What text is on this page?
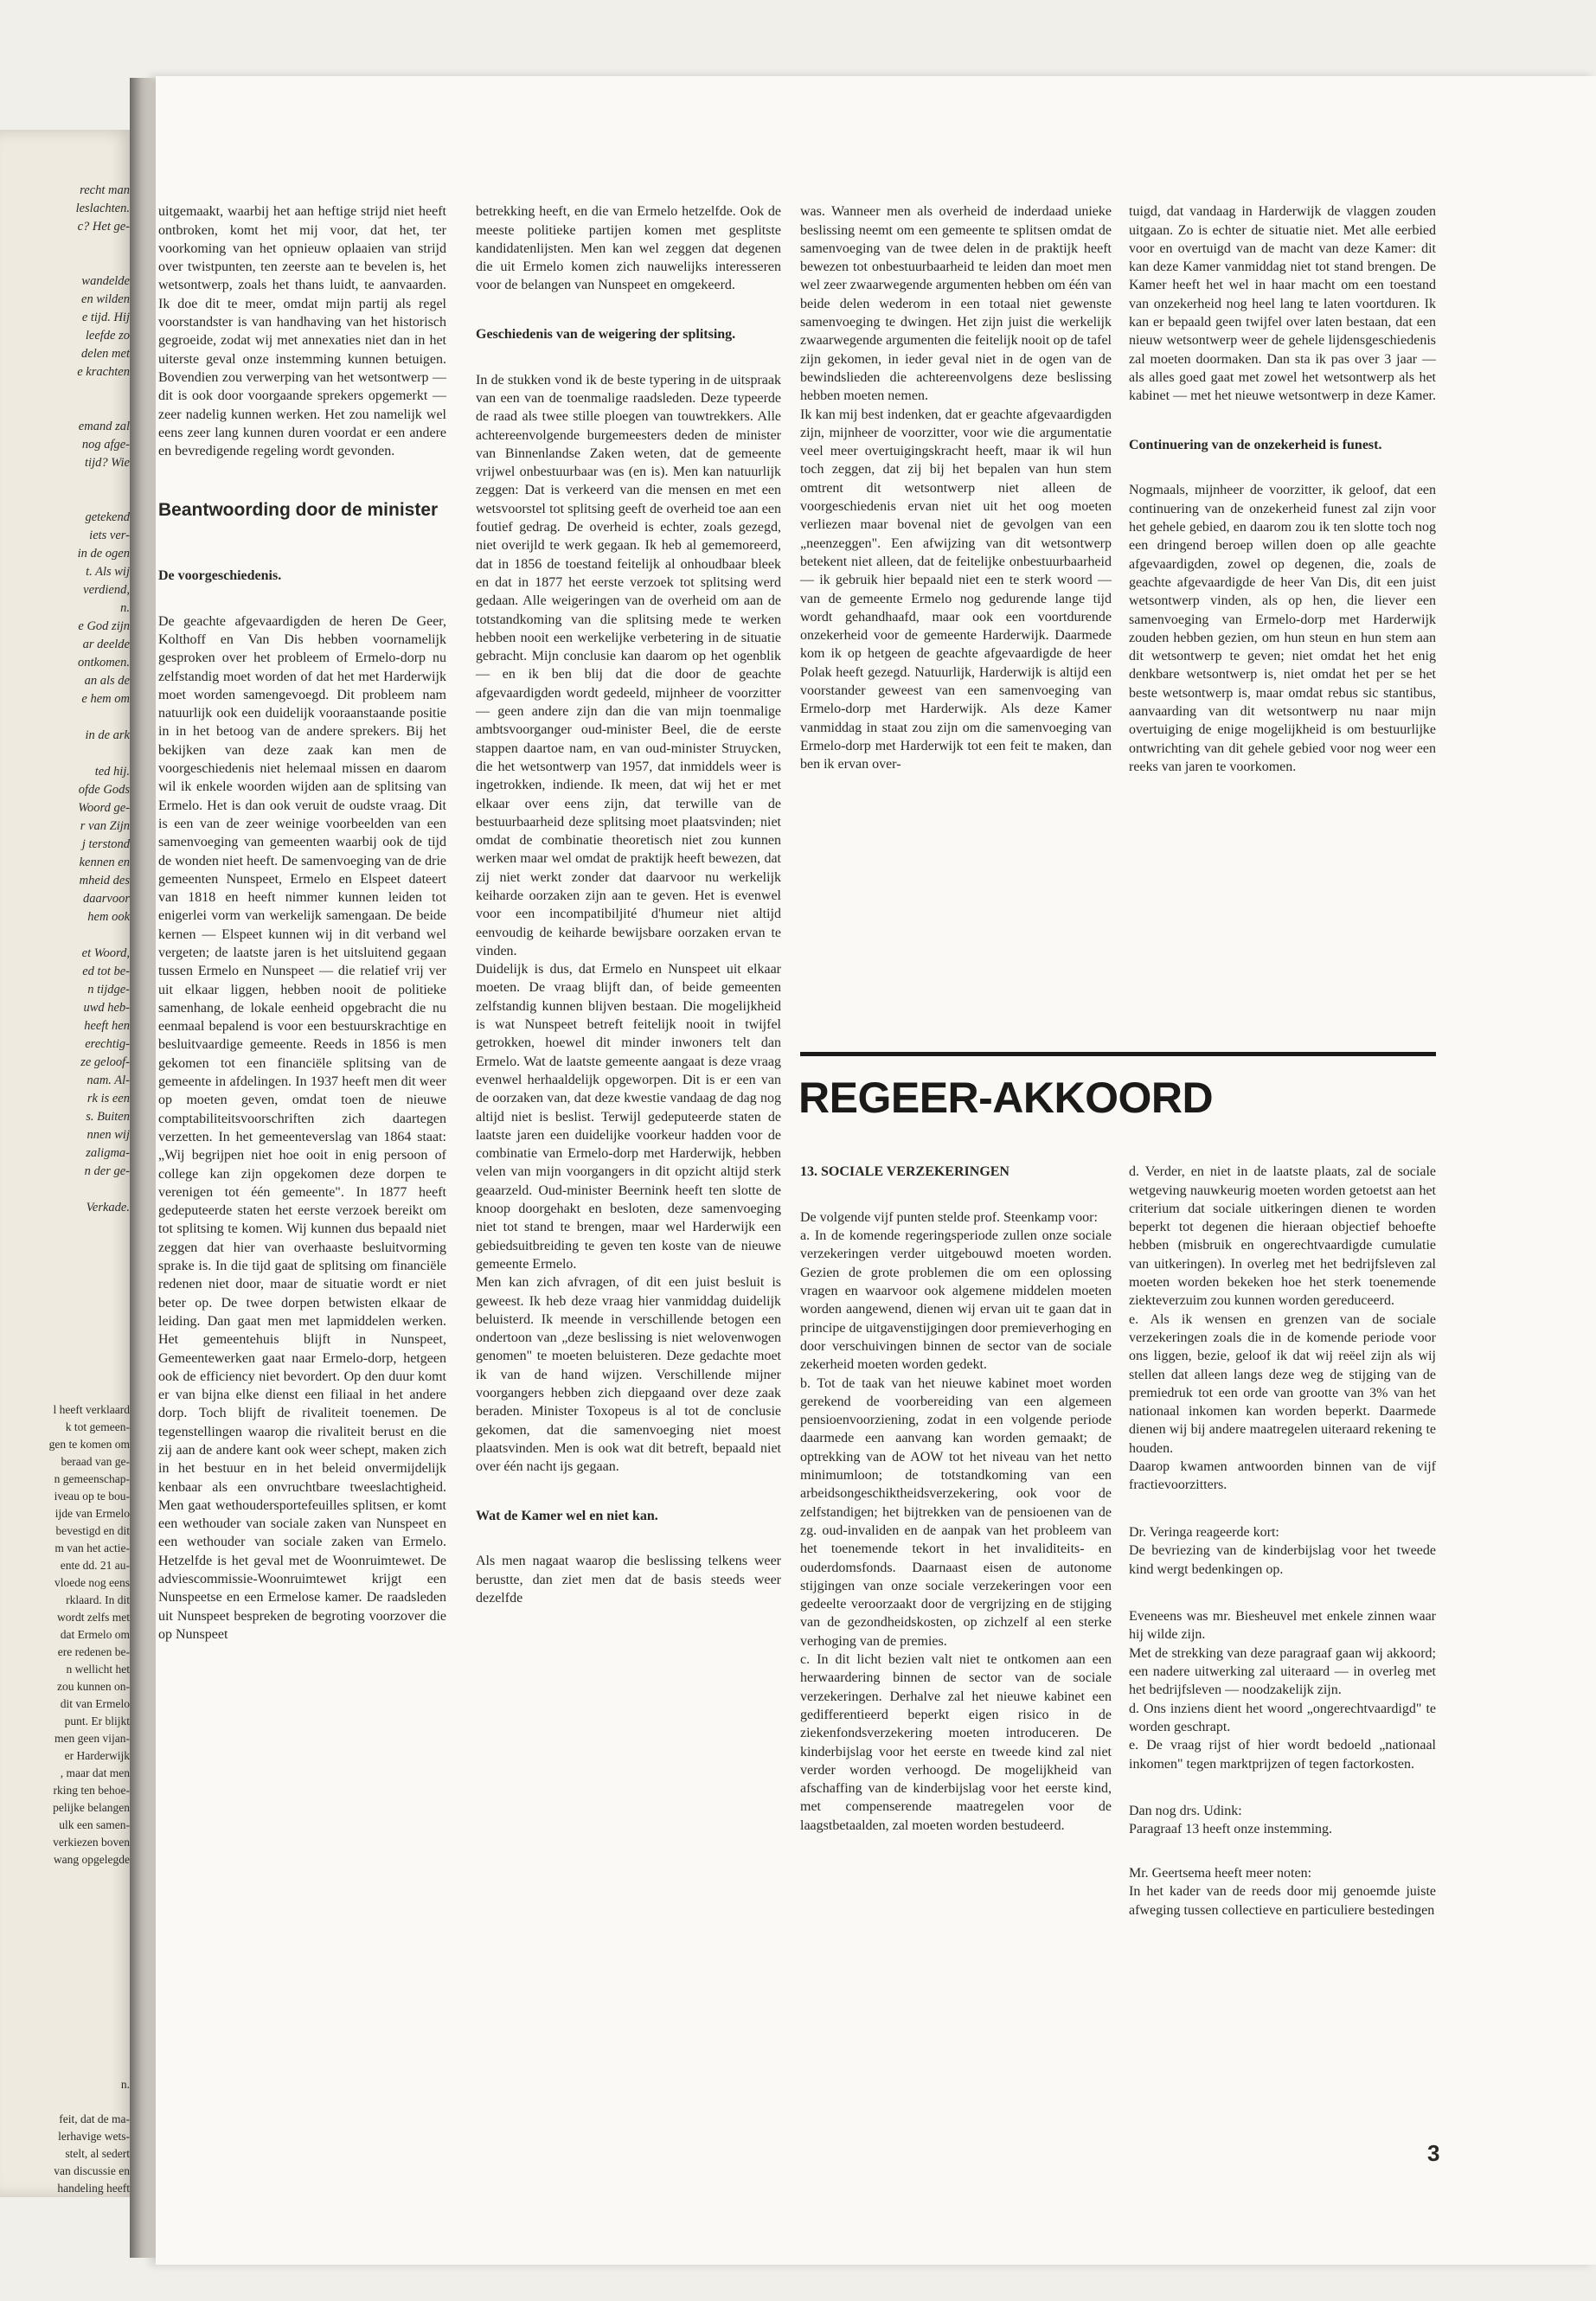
recht man
leslachten.
c? Het ge-

wandelde
en wilden
e tijd. Hij
leefde zo
delen met
e krachten

emand zal
nog afge-
tijd? Wie

getekend
iets ver-
in de ogen
t. Als wij
verdiend,
n.
e God zijn
ar deelde
ontkomen.
an als de
e hem om

in de ark

ted hij.
ofde Gods
Woord ge-
r van Zijn
j terstond
kennen en
mheid des
daarvoor
hem ook

et Woord,
ed tot be-
n tijdge-
uwd heb-
heeft hen
erechtig-
ze geloof-
nam. Al-
rk is een
s. Buiten
nnen wij
zaligma-
n der ge-

Verkade.
l heeft verklaard
k tot gemeen-
gen te komen om
beraad van ge-
n gemeenschap-
iveau op te bou-
ijde van Ermelo
bevestigd en dit
m van het actie-
ente dd. 21 au-
vloede nog eens
rklaard. In dit
wordt zelfs met
dat Ermelo om
ere redenen be-
n wellicht het
zou kunnen on-
dit van Ermelo
punt. Er blijkt
men geen vijan-
er Harderwijk
, maar dat men
rking ten behoe-
pelijke belangen
ulk een samen-
verkiezen boven
wang opgelegde
n.

feit, dat de ma-
lerhavige wets-
stelt, al sedert
van discussie en
handeling heeft

uitgemaakt, waarbij het aan heftige strijd niet heeft ontbroken, komt het mij voor, dat het, ter voorkoming van het opnieuw oplaaien van strijd over twistpunten, ten zeerste aan te bevelen is, het wetsontwerp, zoals het thans luidt, te aanvaarden. Ik doe dit te meer, omdat mijn partij als regel voorstandster is van handhaving van het historisch gegroeide, zodat wij met annexaties niet dan in het uiterste geval onze instemming kunnen betuigen. Bovendien zou verwerping van het wetsontwerp — dit is ook door voorgaande sprekers opgemerkt — zeer nadelig kunnen werken. Het zou namelijk wel eens zeer lang kunnen duren voordat er een andere en bevredigende regeling wordt gevonden.

Beantwoording door de minister

De voorgeschiedenis.

De geachte afgevaardigden de heren De Geer, Kolthoff en Van Dis hebben voornamelijk gesproken over het probleem of Ermelo-dorp nu zelfstandig moet worden of dat het met Harderwijk moet worden samengevoegd. Dit probleem nam natuurlijk ook een duidelijk vooraanstaande positie in in het betoog van de andere sprekers. Bij het bekijken van deze zaak kan men de voorgeschiedenis niet helemaal missen en daarom wil ik enkele woorden wijden aan de splitsing van Ermelo. Het is dan ook veruit de oudste vraag. Dit is een van de zeer weinige voorbeelden van een samenvoeging van gemeenten waarbij ook de tijd de wonden niet heeft. De samenvoeging van de drie gemeenten Nunspeet, Ermelo en Elspeet dateert van 1818 en heeft nimmer kunnen leiden tot enigerlei vorm van werkelijk samengaan. De beide kernen — Elspeet kunnen wij in dit verband wel vergeten; de laatste jaren is het uitsluitend gegaan tussen Ermelo en Nunspeet — die relatief vrij ver uit elkaar liggen, hebben nooit de politieke samenhang, de lokale eenheid opgebracht die nu eenmaal bepalend is voor een bestuurskrachtige en besluitvaardige gemeente. Reeds in 1856 is men gekomen tot een financiële splitsing van de gemeente in afdelingen. In 1937 heeft men dit weer op moeten geven, omdat toen de nieuwe comptabiliteitsvoorschriften zich daartegen verzetten. In het gemeenteverslag van 1864 staat: „Wij begrijpen niet hoe ooit in enig persoon of college kan zijn opgekomen deze dorpen te verenigen tot één gemeente". In 1877 heeft gedeputeerde staten het eerste verzoek bereikt om tot splitsing te komen. Wij kunnen dus bepaald niet zeggen dat hier van overhaaste besluitvorming sprake is. In die tijd gaat de splitsing om financiële redenen niet door, maar de situatie wordt er niet beter op. De twee dorpen betwisten elkaar de leiding. Dan gaat men met lapmiddelen werken. Het gemeentehuis blijft in Nunspeet, Gemeentewerken gaat naar Ermelo-dorp, hetgeen ook de efficiency niet bevordert. Op den duur komt er van bijna elke dienst een filiaal in het andere dorp. Toch blijft de rivaliteit toenemen. De tegenstellingen waarop die rivaliteit berust en die zij aan de andere kant ook weer schept, maken zich in het bestuur en in het beleid onvermijdelijk kenbaar als een onvruchtbare tweeslachtigheid. Men gaat wethoudersportefeuilles splitsen, er komt een wethouder van sociale zaken van Nunspeet en een wethouder van sociale zaken van Ermelo. Hetzelfde is het geval met de Woonruimtewet. De adviescommissie-Woonruimtewet krijgt een Nunspeetse en een Ermelose kamer. De raadsleden uit Nunspeet bespreken de begroting voorzover die op Nunspeet

betrekking heeft, en die van Ermelo hetzelfde. Ook de meeste politieke partijen komen met gesplitste kandidatenlijsten. Men kan wel zeggen dat degenen die uit Ermelo komen zich nauwelijks interesseren voor de belangen van Nunspeet en omgekeerd.

Geschiedenis van de weigering der splitsing.

In de stukken vond ik de beste typering in de uitspraak van een van de toenmalige raadsleden. Deze typeerde de raad als twee stille ploegen van touwtrekkers. Alle achtereenvolgende burgemeesters deden de minister van Binnenlandse Zaken weten, dat de gemeente vrijwel onbestuurbaar was (en is). Men kan natuurlijk zeggen: Dat is verkeerd van die mensen en met een wetsvoorstel tot splitsing geeft de overheid toe aan een foutief gedrag. De overheid is echter, zoals gezegd, niet overijld te werk gegaan. Ik heb al gememoreerd, dat in 1856 de toestand feitelijk al onhoudbaar bleek en dat in 1877 het eerste verzoek tot splitsing werd gedaan. Alle weigeringen van de overheid om aan de totstandkoming van die splitsing mede te werken hebben nooit een werkelijke verbetering in de situatie gebracht. Mijn conclusie kan daarom op het ogenblik — en ik ben blij dat die door de geachte afgevaardigden wordt gedeeld, mijnheer de voorzitter — geen andere zijn dan die van mijn toenmalige ambtsvoorganger oud-minister Beel, die de eerste stappen daartoe nam, en van oud-minister Struycken, die het wetsontwerp van 1957, dat inmiddels weer is ingetrokken, indiende. Ik meen, dat wij het er met elkaar over eens zijn, dat terwille van de bestuurbaarheid deze splitsing moet plaatsvinden; niet omdat de combinatie theoretisch niet zou kunnen werken maar wel omdat de praktijk heeft bewezen, dat zij niet werkt zonder dat daarvoor nu werkelijk keiharde oorzaken zijn aan te geven. Het is evenwel voor een incompatibiljité d'humeur niet altijd eenvoudig de keiharde bewijsbare oorzaken ervan te vinden.
Duidelijk is dus, dat Ermelo en Nunspeet uit elkaar moeten. De vraag blijft dan, of beide gemeenten zelfstandig kunnen blijven bestaan. Die mogelijkheid is wat Nunspeet betreft feitelijk nooit in twijfel getrokken, hoewel dit minder inwoners telt dan Ermelo. Wat de laatste gemeente aangaat is deze vraag evenwel herhaaldelijk opgeworpen. Dit is er een van de oorzaken van, dat deze kwestie vandaag de dag nog altijd niet is beslist. Terwijl gedeputeerde staten de laatste jaren een duidelijke voorkeur hadden voor de combinatie van Ermelo-dorp met Harderwijk, hebben velen van mijn voorgangers in dit opzicht altijd sterk geaarzeld. Oud-minister Beernink heeft ten slotte de knoop doorgehakt en besloten, deze samenvoeging niet tot stand te brengen, maar wel Harderwijk een gebiedsuitbreiding te geven ten koste van de nieuwe gemeente Ermelo.
Men kan zich afvragen, of dit een juist besluit is geweest. Ik heb deze vraag hier vanmiddag duidelijk beluisterd. Ik meende in verschillende betogen een ondertoon van „deze beslissing is niet welovenwogen genomen" te moeten beluisteren. Deze gedachte moet ik van de hand wijzen. Verschillende mijner voorgangers hebben zich diepgaand over deze zaak beraden. Minister Toxopeus is al tot de conclusie gekomen, dat die samenvoeging niet moest plaatsvinden. Men is ook wat dit betreft, bepaald niet over één nacht ijs gegaan.

Wat de Kamer wel en niet kan.

Als men nagaat waarop die beslissing telkens weer berustte, dan ziet men dat de basis steeds weer dezelfde

was. Wanneer men als overheid de inderdaad unieke beslissing neemt om een gemeente te splitsen omdat de samenvoeging van de twee delen in de praktijk heeft bewezen tot onbestuurbaarheid te leiden dan moet men wel zeer zwaarwegende argumenten hebben om één van beide delen wederom in een totaal niet gewenste samenvoeging te dwingen. Het zijn juist die werkelijk zwaarwegende argumenten die feitelijk nooit op de tafel zijn gekomen, in ieder geval niet in de ogen van de bewindslieden die achtereenvolgens deze beslissing hebben moeten nemen.
Ik kan mij best indenken, dat er geachte afgevaardigden zijn, mijnheer de voorzitter, voor wie die argumentatie veel meer overtuigingskracht heeft, maar ik wil hun toch zeggen, dat zij bij het bepalen van hun stem omtrent dit wetsontwerp niet alleen de voorgeschiedenis ervan niet uit het oog moeten verliezen maar bovenal niet de gevolgen van een „neenzeggen". Een afwijzing van dit wetsontwerp betekent niet alleen, dat de feitelijke onbestuurbaarheid — ik gebruik hier bepaald niet een te sterk woord — van de gemeente Ermelo nog gedurende lange tijd wordt gehandhaafd, maar ook een voortdurende onzekerheid voor de gemeente Harderwijk. Daarmede kom ik op hetgeen de geachte afgevaardigde de heer Polak heeft gezegd. Natuurlijk, Harderwijk is altijd een voorstander geweest van een samenvoeging van Ermelo-dorp met Harderwijk. Als deze Kamer vanmiddag in staat zou zijn om die samenvoeging van Ermelo-dorp met Harderwijk tot een feit te maken, dan ben ik ervan over-

tuigd, dat vandaag in Harderwijk de vlaggen zouden uitgaan. Zo is echter de situatie niet. Met alle eerbied voor en overtuigd van de macht van deze Kamer: dit kan deze Kamer vanmiddag niet tot stand brengen. De Kamer heeft het wel in haar macht om een toestand van onzekerheid nog heel lang te laten voortduren. Ik kan er bepaald geen twijfel over laten bestaan, dat een nieuw wetsontwerp weer de gehele lijdensgeschiedenis zal moeten doormaken. Dan sta ik pas over 3 jaar — als alles goed gaat met zowel het wetsontwerp als het kabinet — met het nieuwe wetsontwerp in deze Kamer.

Continuering van de onzekerheid is funest.

Nogmaals, mijnheer de voorzitter, ik geloof, dat een continuering van de onzekerheid funest zal zijn voor het gehele gebied, en daarom zou ik ten slotte toch nog een dringend beroep willen doen op alle geachte afgevaardigden, zowel op degenen, die, zoals de geachte afgevaardigde de heer Van Dis, dit een juist wetsontwerp vinden, als op hen, die liever een samenvoeging van Ermelo-dorp met Harderwijk zouden hebben gezien, om hun steun en hun stem aan dit wetsontwerp te geven; niet omdat het het enig denkbare wetsontwerp is, niet omdat het per se het beste wetsontwerp is, maar omdat rebus sic stantibus, aanvaarding van dit wetsontwerp nu naar mijn overtuiging de enige mogelijkheid is om bestuurlijke ontwrichting van dit gehele gebied voor nog weer een reeks van jaren te voorkomen.

REGEER-AKKOORD

13. SOCIALE VERZEKERINGEN

De volgende vijf punten stelde prof. Steenkamp voor:
a. In de komende regeringsperiode zullen onze sociale verzekeringen verder uitgebouwd moeten worden. Gezien de grote problemen die om een oplossing vragen en waarvoor ook algemene middelen moeten worden aangewend, dienen wij ervan uit te gaan dat in principe de uitgavenstijgingen door premieverhoging en door verschuivingen binnen de sector van de sociale zekerheid moeten worden gedekt.
b. Tot de taak van het nieuwe kabinet moet worden gerekend de voorbereiding van een algemeen pensioenvoorziening, zodat in een volgende periode daarmede een aanvang kan worden gemaakt; de optrekking van de AOW tot het niveau van het netto minimumloon; de totstandkoming van een arbeidsongeschiktheidsverzekering, ook voor de zelfstandigen; het bijtrekken van de pensioenen van de zg. oud-invaliden en de aanpak van het probleem van het toenemende tekort in het invaliditeits- en ouderdomsfonds. Daarnaast eisen de autonome stijgingen van onze sociale verzekeringen voor een gedeelte veroorzaakt door de vergrijzing en de stijging van de gezondheidskosten, op zichzelf al een sterke verhoging van de premies.
c. In dit licht bezien valt niet te ontkomen aan een herwaardering binnen de sector van de sociale verzekeringen. Derhalve zal het nieuwe kabinet een gedifferentieerd beperkt eigen risico in de ziekenfondsverzekering moeten introduceren. De kinderbijslag voor het eerste en tweede kind zal niet verder worden verhoogd. De mogelijkheid van afschaffing van de kinderbijslag voor het eerste kind, met compenserende maatregelen voor de laagstbetaalden, zal moeten worden bestudeerd.

d. Verder, en niet in de laatste plaats, zal de sociale wetgeving nauwkeurig moeten worden getoetst aan het criterium dat sociale uitkeringen dienen te worden beperkt tot degenen die hieraan objectief behoefte hebben (misbruik en ongerechtvaardigde cumulatie van uitkeringen). In overleg met het bedrijfsleven zal moeten worden bekeken hoe het sterk toenemende ziekteverzuim zou kunnen worden gereduceerd.
e. Als ik wensen en grenzen van de sociale verzekeringen zoals die in de komende periode voor ons liggen, bezie, geloof ik dat wij reëel zijn als wij stellen dat alleen langs deze weg de stijging van de premiedruk tot een orde van grootte van 3% van het nationaal inkomen kan worden beperkt. Daarmede dienen wij bij andere maatregelen uiteraard rekening te houden.
Daarop kwamen antwoorden binnen van de vijf fractievoorzitters.

Dr. Veringa reageerde kort:
De bevriezing van de kinderbijslag voor het tweede kind wergt bedenkingen op.

Eveneens was mr. Biesheuvel met enkele zinnen waar hij wilde zijn.
Met de strekking van deze paragraaf gaan wij akkoord; een nadere uitwerking zal uiteraard — in overleg met het bedrijfsleven — noodzakelijk zijn.
d. Ons inziens dient het woord „ongerechtvaardigd" te worden geschrapt.
e. De vraag rijst of hier wordt bedoeld „nationaal inkomen" tegen marktprijzen of tegen factorkosten.

Dan nog drs. Udink:
Paragraaf 13 heeft onze instemming.

Mr. Geertsema heeft meer noten:
In het kader van de reeds door mij genoemde juiste afweging tussen collectieve en particuliere bestedingen

3
